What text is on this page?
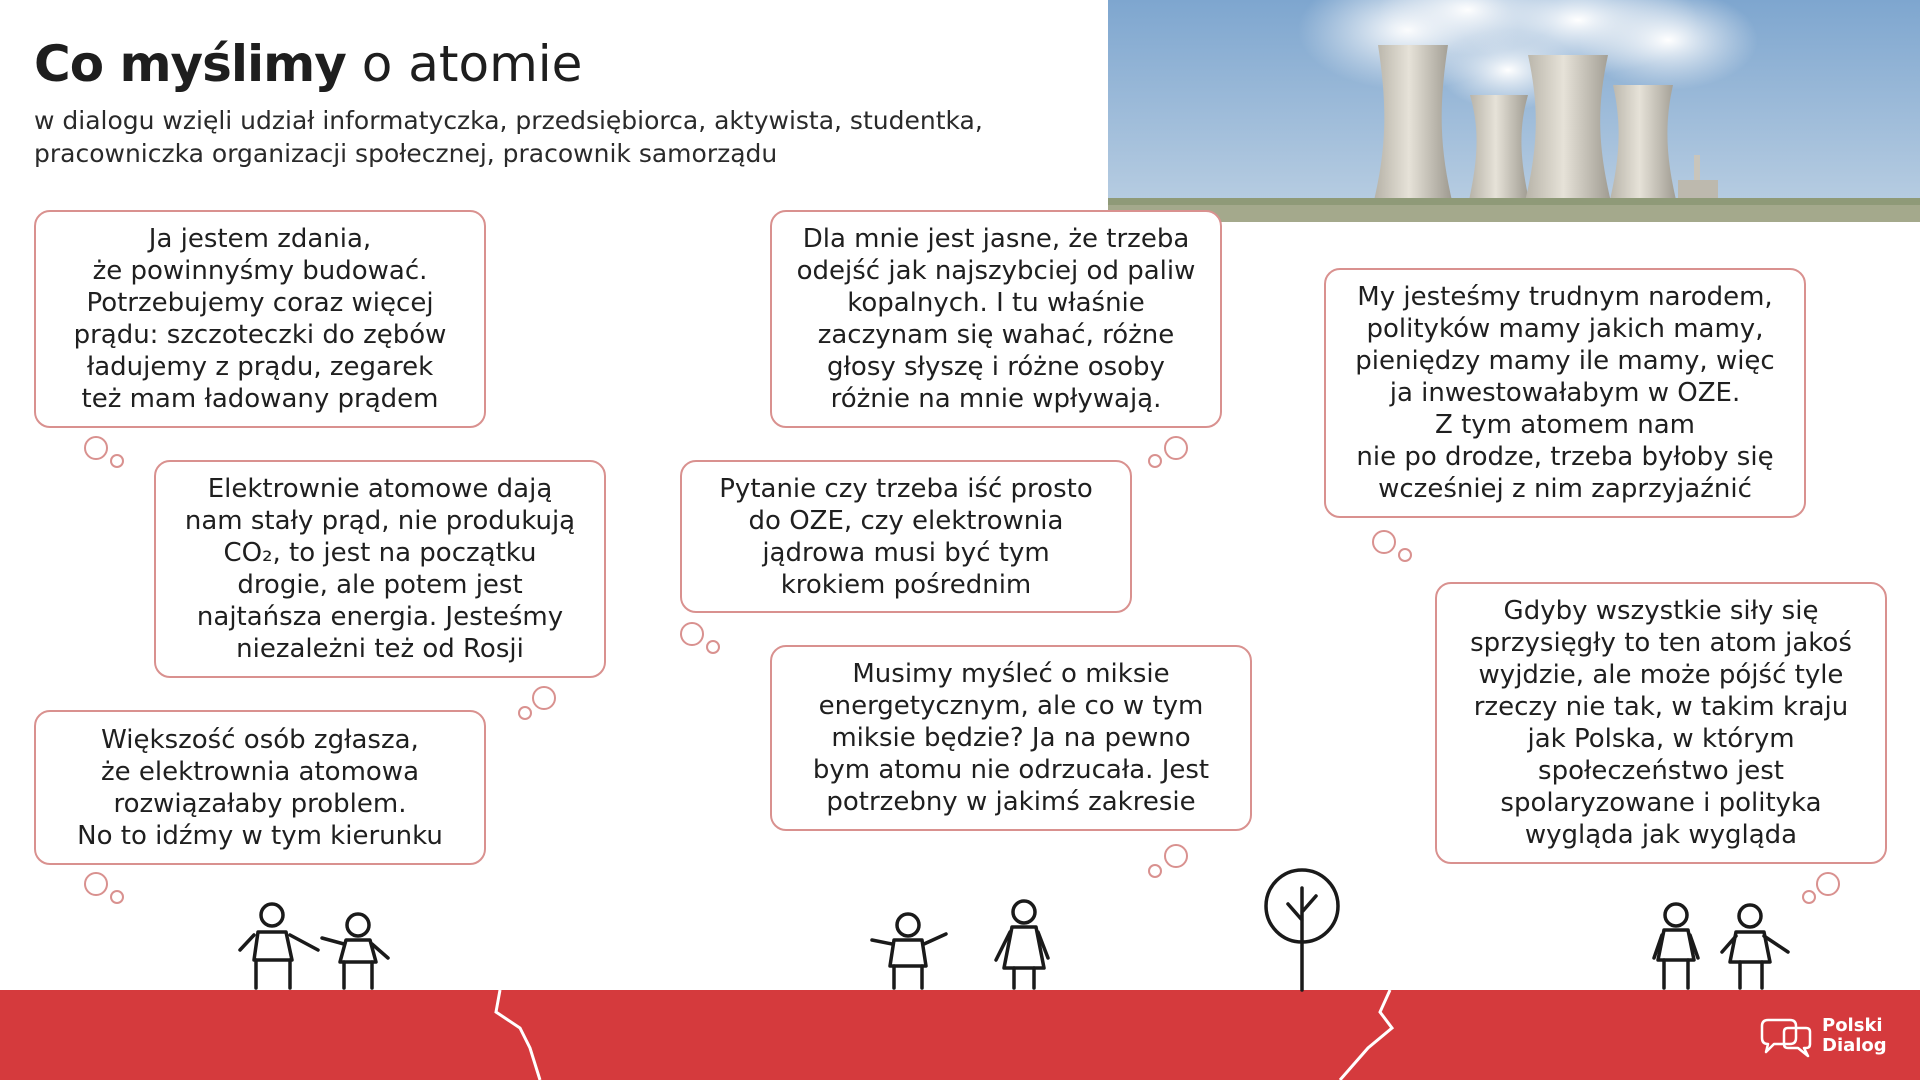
Co myślimy o atomie
w dialogu wzięli udział informatyczka, przedsiębiorca, aktywista, studentka,
pracowniczka organizacji społecznej, pracownik samorządu
Ja jestem zdania,
że powinnyśmy budować.
Potrzebujemy coraz więcej
prądu: szczoteczki do zębów
ładujemy z prądu, zegarek
też mam ładowany prądem
Elektrownie atomowe dają
nam stały prąd, nie produkują
CO₂, to jest na początku
drogie, ale potem jest
najtańsza energia. Jesteśmy
niezależni też od Rosji
Większość osób zgłasza,
że elektrownia atomowa
rozwiązałaby problem.
No to idźmy w tym kierunku
Dla mnie jest jasne, że trzeba
odejść jak najszybciej od paliw
kopalnych. I tu właśnie
zaczynam się wahać, różne
głosy słyszę i różne osoby
różnie na mnie wpływają.
Pytanie czy trzeba iść prosto
do OZE, czy elektrownia
jądrowa musi być tym
krokiem pośrednim
Musimy myśleć o miksie
energetycznym, ale co w tym
miksie będzie? Ja na pewno
bym atomu nie odrzucała. Jest
potrzebny w jakimś zakresie
My jesteśmy trudnym narodem,
polityków mamy jakich mamy,
pieniędzy mamy ile mamy, więc
ja inwestowałabym w OZE.
Z tym atomem nam
nie po drodze, trzeba byłoby się
wcześniej z nim zaprzyjaźnić
Gdyby wszystkie siły się
sprzysięgły to ten atom jakoś
wyjdzie, ale może pójść tyle
rzeczy nie tak, w takim kraju
jak Polska, w którym
społeczeństwo jest
spolaryzowane i polityka
wygląda jak wygląda
Polski
Dialog
